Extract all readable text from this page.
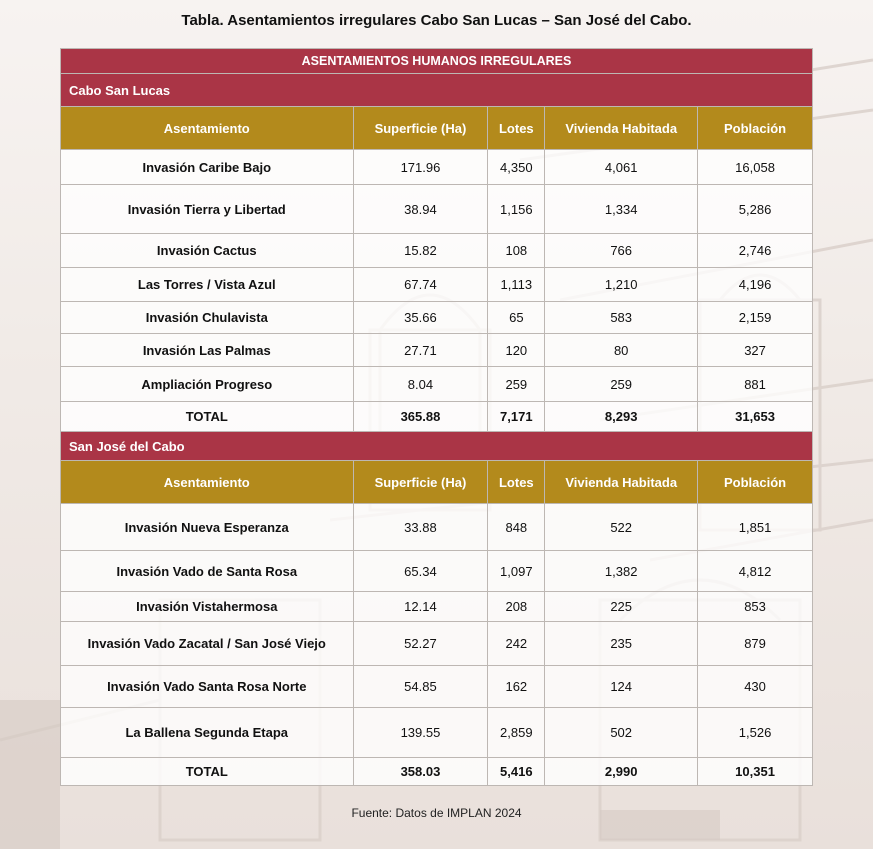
Tabla. Asentamientos irregulares Cabo San Lucas – San José del Cabo.
ASENTAMIENTOS HUMANOS IRREGULARES				
Cabo San Lucas				
Asentamiento	Superficie (Ha)	Lotes	Vivienda Habitada	Población
Invasión Caribe Bajo	171.96	4,350	4,061	16,058
Invasión Tierra y Libertad	38.94	1,156	1,334	5,286
Invasión Cactus	15.82	108	766	2,746
Las Torres / Vista Azul	67.74	1,113	1,210	4,196
Invasión Chulavista	35.66	65	583	2,159
Invasión Las Palmas	27.71	120	80	327
Ampliación Progreso	8.04	259	259	881
TOTAL	365.88	7,171	8,293	31,653
San José del Cabo				
Asentamiento	Superficie (Ha)	Lotes	Vivienda Habitada	Población
Invasión Nueva Esperanza	33.88	848	522	1,851
Invasión Vado de Santa Rosa	65.34	1,097	1,382	4,812
Invasión Vistahermosa	12.14	208	225	853
Invasión Vado Zacatal / San José Viejo	52.27	242	235	879
Invasión Vado Santa Rosa Norte	54.85	162	124	430
La Ballena Segunda Etapa	139.55	2,859	502	1,526
TOTAL	358.03	5,416	2,990	10,351
Fuente: Datos de IMPLAN 2024
